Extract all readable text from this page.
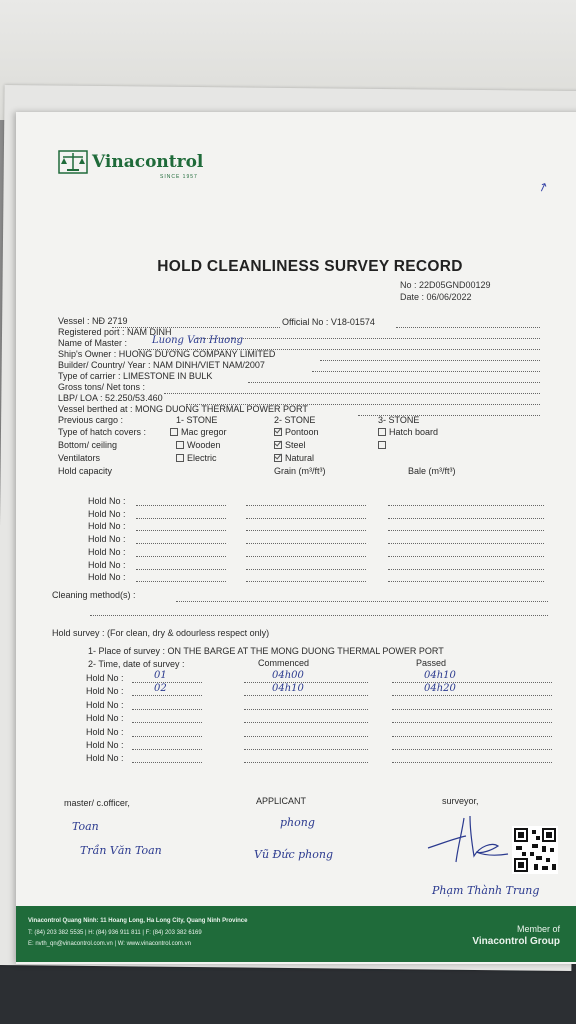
Vinacontrol
SINCE 1957
↗
HOLD CLEANLINESS SURVEY RECORD
No : 22D05GND00129
Date : 06/06/2022
Vessel : NĐ 2719	Official No : V18-01574
Registered port : NAM DINH
Name of Master : Luong Van Huong
Ship's Owner : HUONG DƯƠNG COMPANY LIMITED
Builder/ Country/ Year : NAM DINH/VIET NAM/2007
Type of carrier : LIMESTONE IN BULK
Gross tons/ Net tons :
LBP/ LOA : 52.250/53.460
Vessel berthed at : MONG DUONG THERMAL POWER PORT
Previous cargo :	1- STONE	2- STONE	3- STONE
Type of hatch covers :	Mac gregor	Pontoon	Hatch board
Bottom/ ceiling	Wooden	Steel
Ventilators	Electric	Natural
Hold capacity	Grain (m³/ft³)	Bale (m³/ft³)
Hold No :
Hold No :
Hold No :
Hold No :
Hold No :
Hold No :
Hold No :
Cleaning method(s) :
Hold survey : (For clean, dry & odourless respect only)
1- Place of survey : ON THE BARGE AT THE MONG DUONG THERMAL POWER PORT
2- Time, date of survey :	Commenced	Passed
Hold No :	01	04h00	04h10
Hold No :	02	04h10	04h20
Hold No :
Hold No :
Hold No :
Hold No :
Hold No :
master/ c.officer,	APPLICANT	surveyor,
Toan
Trần Văn Toan
phong
Vũ Đức phong
Phạm Thành Trung
Vinacontrol Quang Ninh: 11 Hoang Long, Ha Long City, Quang Ninh Province
T: (84) 203 382 5535 | H: (84) 936 911 811 | F: (84) 203 382 6169
E: nvth_qn@vinacontrol.com.vn | W: www.vinacontrol.com.vn
Member of
Vinacontrol Group
